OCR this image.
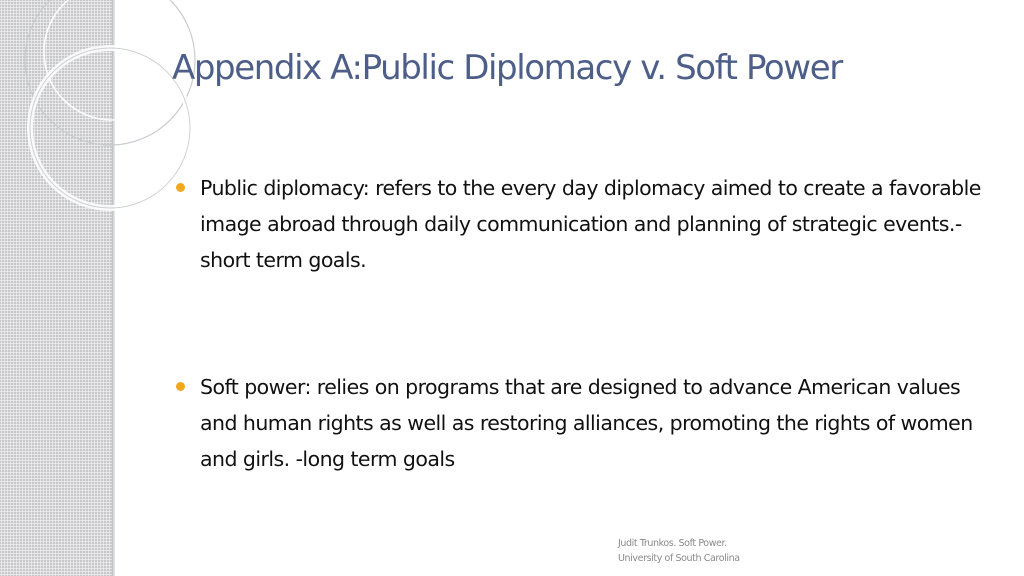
Appendix A:Public Diplomacy v. Soft Power
Public diplomacy: refers to the every day diplomacy aimed to create a favorable image abroad through daily communication and planning of strategic events.-short term goals.
Soft power: relies on programs that are designed to advance American values and human rights as well as restoring alliances, promoting the rights of women and girls. -long term goals
Judit Trunkos. Soft Power.
University of South Carolina
